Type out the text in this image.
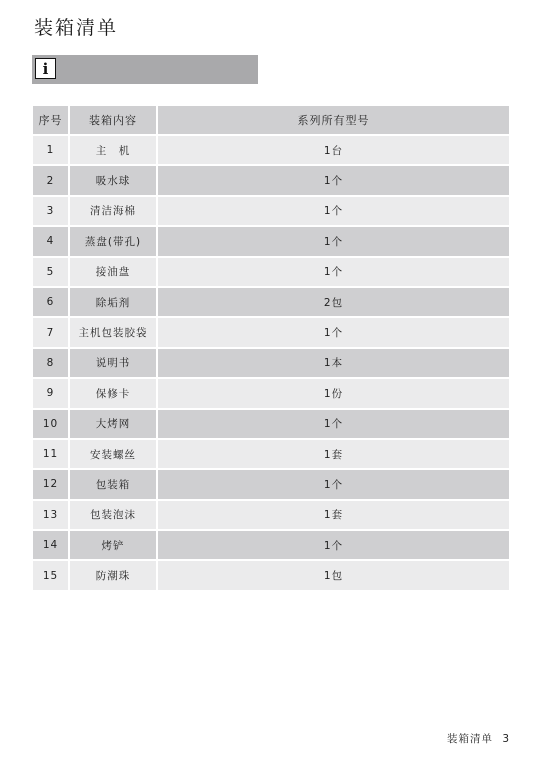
装箱清单
i
序号	装箱内容	系列所有型号
1	主　机	1台
2	吸水球	1个
3	清洁海棉	1个
4	蒸盘(带孔)	1个
5	接油盘	1个
6	除垢剂	2包
7	主机包装胶袋	1个
8	说明书	1本
9	保修卡	1份
10	大烤网	1个
11	安装螺丝	1套
12	包装箱	1个
13	包装泡沫	1套
14	烤铲	1个
15	防潮珠	1包
装箱清单 3
